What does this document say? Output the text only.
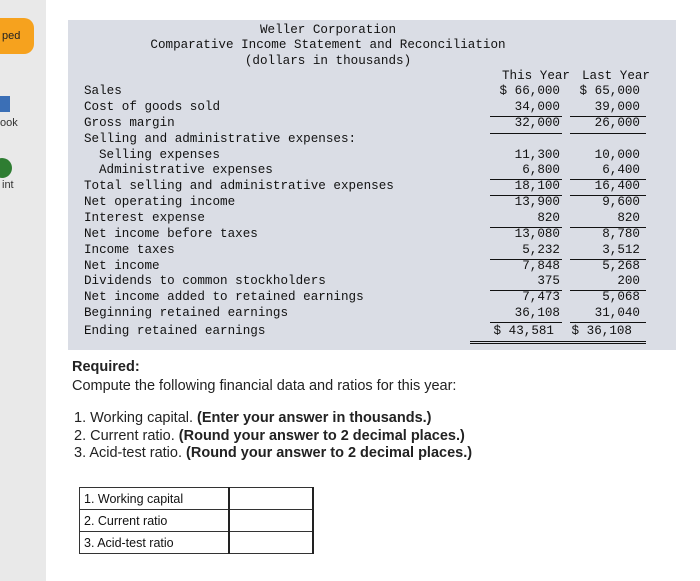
ped
ook
int
Weller Corporation
Comparative Income Statement and Reconciliation
(dollars in thousands)
This Year Last Year
Sales	$ 66,000	$ 65,000
Cost of goods sold	34,000	39,000
Gross margin	32,000	26,000
Selling and administrative expenses:
Selling expenses	11,300	10,000
Administrative expenses	6,800	6,400
Total selling and administrative expenses	18,100	16,400
Net operating income	13,900	9,600
Interest expense	820	820
Net income before taxes	13,080	8,780
Income taxes	5,232	3,512
Net income	7,848	5,268
Dividends to common stockholders	375	200
Net income added to retained earnings	7,473	5,068
Beginning retained earnings	36,108	31,040
Ending retained earnings	$ 43,581	$ 36,108
Required:
Compute the following financial data and ratios for this year:
1. Working capital. (Enter your answer in thousands.)
2. Current ratio. (Round your answer to 2 decimal places.)
3. Acid-test ratio. (Round your answer to 2 decimal places.)
1. Working capital	
2. Current ratio	
3. Acid-test ratio	
